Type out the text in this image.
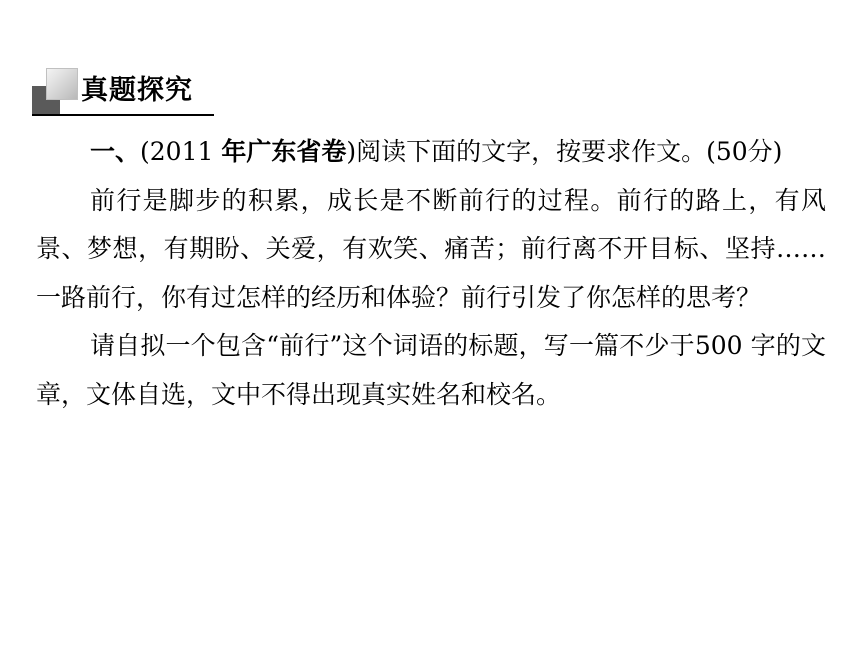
真题探究

一、(2011 年广东省卷)阅读下面的文字，按要求作文。(50分)

前行是脚步的积累，成长是不断前行的过程。前行的路上，有风景、梦想，有期盼、关爱，有欢笑、痛苦；前行离不开目标、坚持……一路前行，你有过怎样的经历和体验？前行引发了你怎样的思考？

请自拟一个包含“前行”这个词语的标题，写一篇不少于500 字的文章，文体自选，文中不得出现真实姓名和校名。
